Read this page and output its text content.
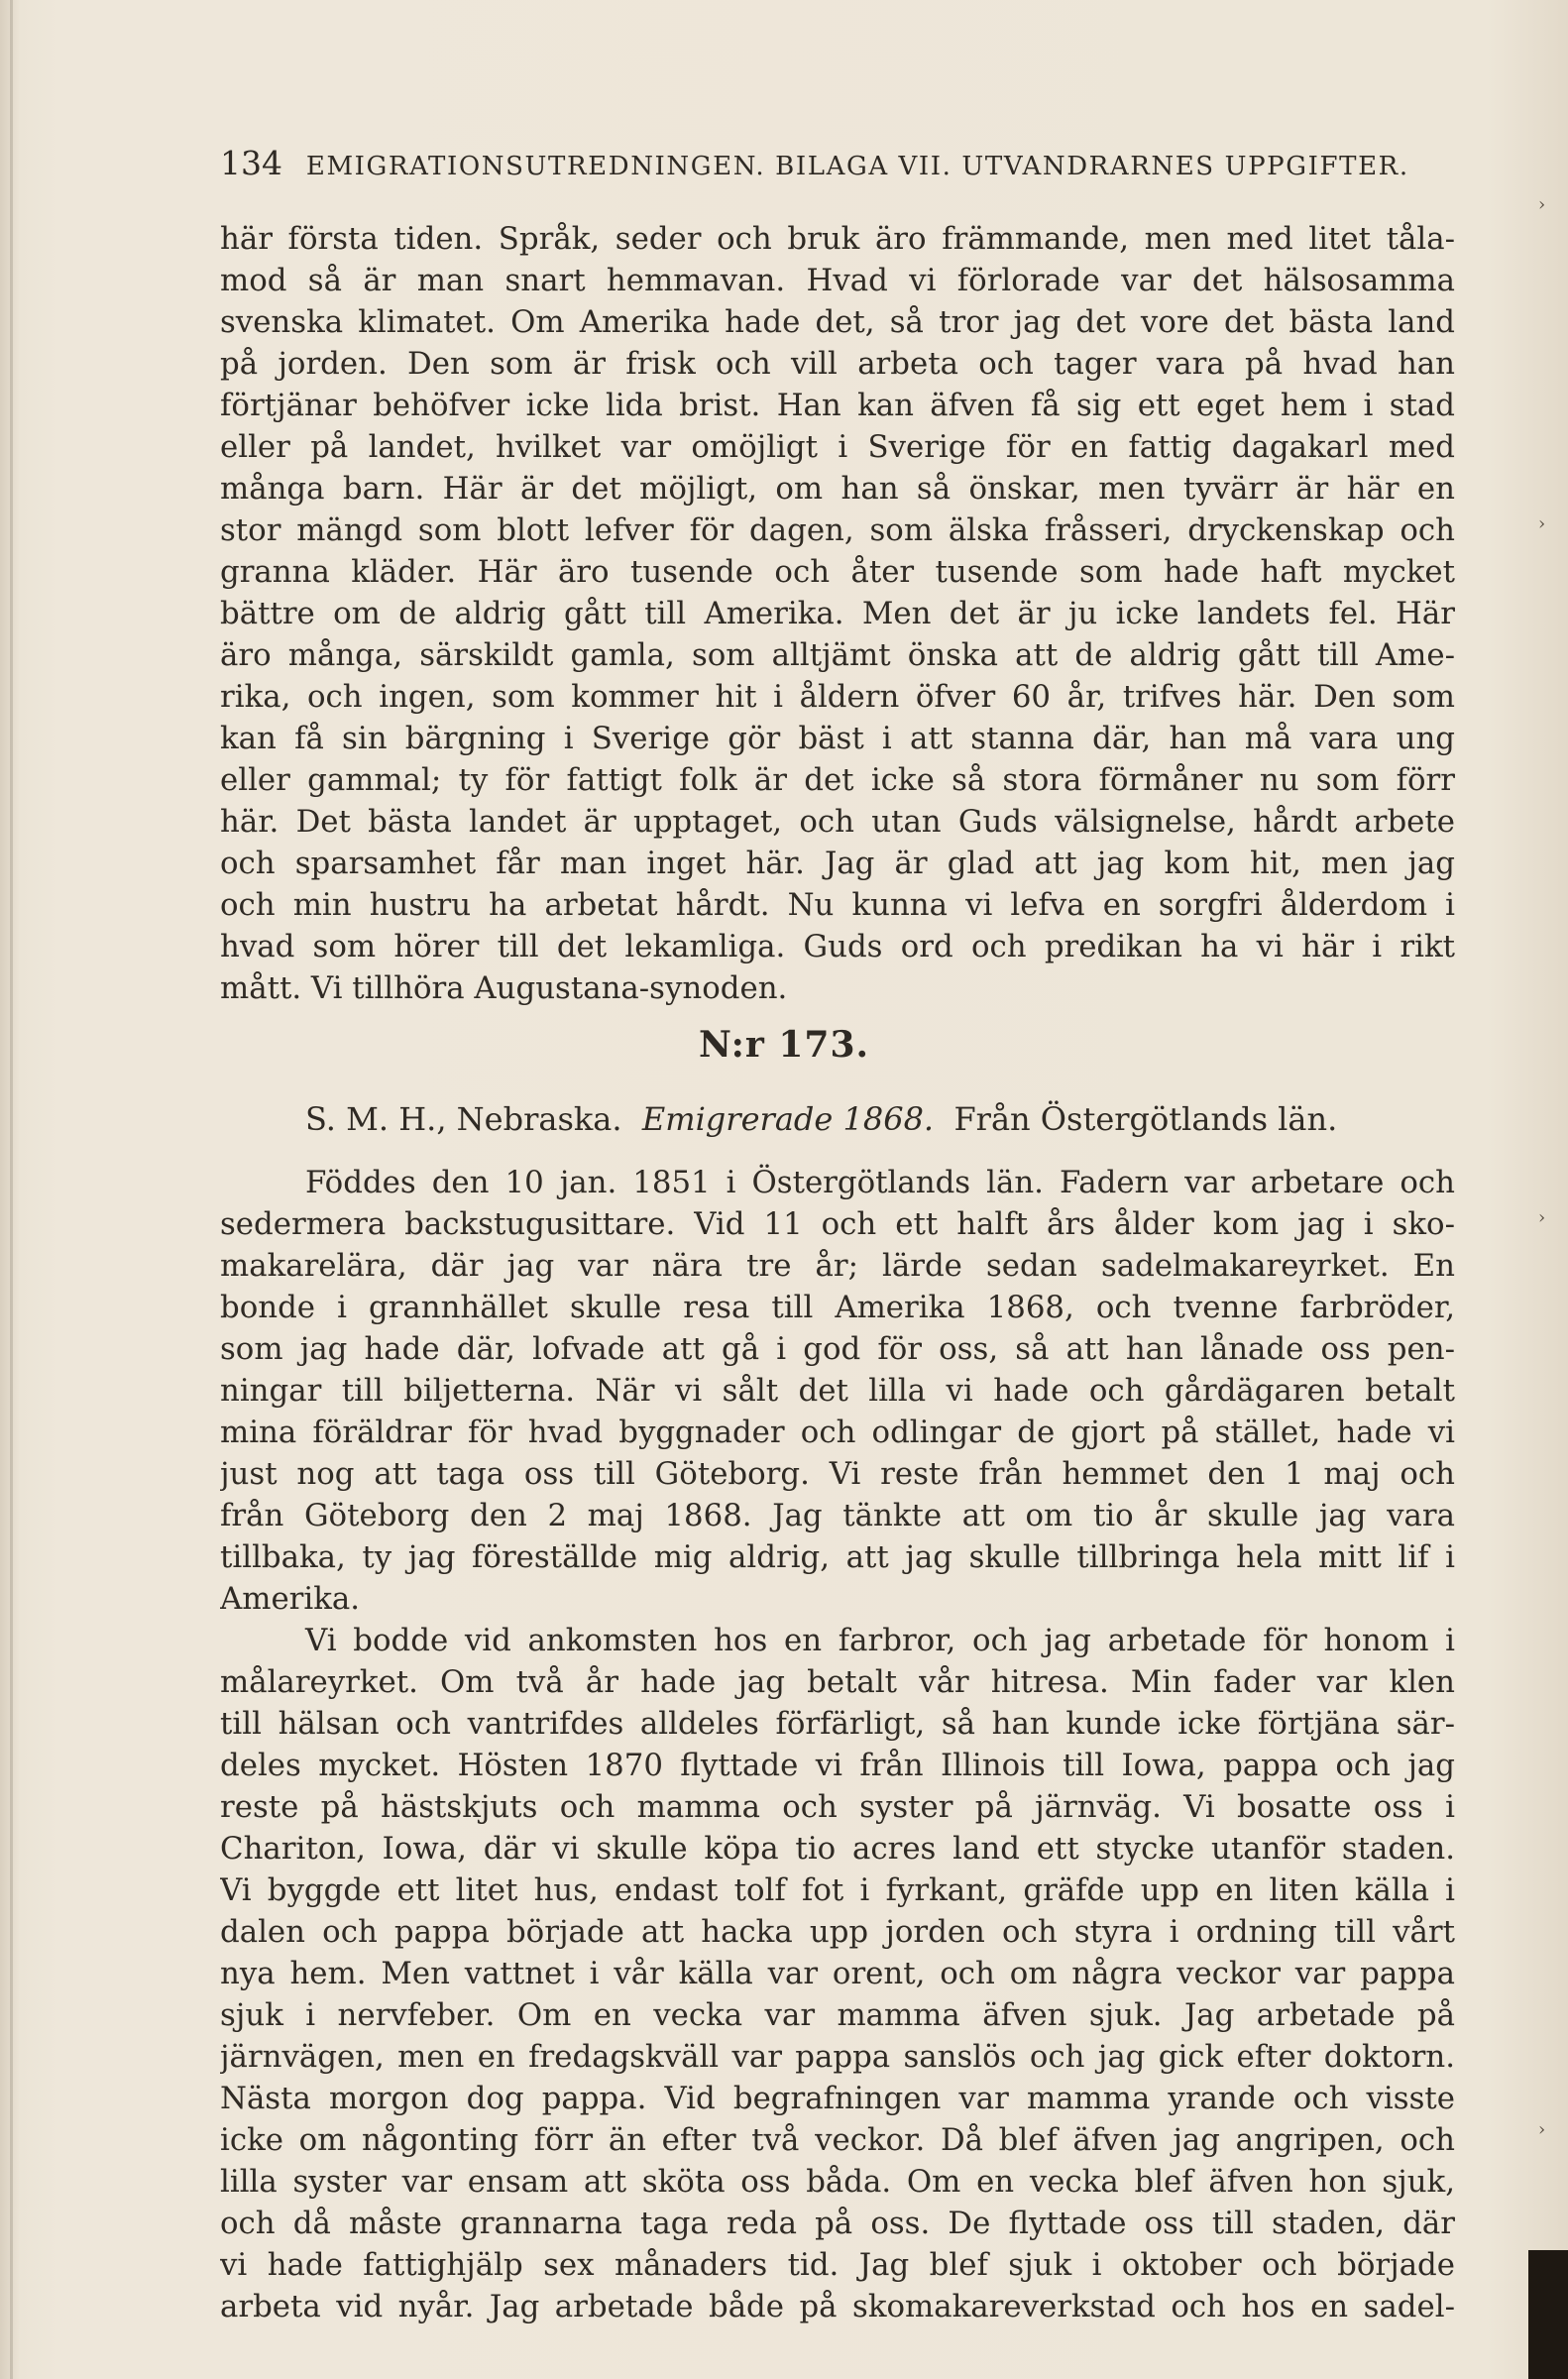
134 EMIGRATIONSUTREDNINGEN. BILAGA VII. UTVANDRARNES UPPGIFTER.
här första tiden. Språk, seder och bruk äro främmande, men med litet tåla-
mod så är man snart hemmavan. Hvad vi förlorade var det hälsosamma
svenska klimatet. Om Amerika hade det, så tror jag det vore det bästa land
på jorden. Den som är frisk och vill arbeta och tager vara på hvad han
förtjänar behöfver icke lida brist. Han kan äfven få sig ett eget hem i stad
eller på landet, hvilket var omöjligt i Sverige för en fattig dagakarl med
många barn. Här är det möjligt, om han så önskar, men tyvärr är här en
stor mängd som blott lefver för dagen, som älska fråsseri, dryckenskap och
granna kläder. Här äro tusende och åter tusende som hade haft mycket
bättre om de aldrig gått till Amerika. Men det är ju icke landets fel. Här
äro många, särskildt gamla, som alltjämt önska att de aldrig gått till Ame-
rika, och ingen, som kommer hit i åldern öfver 60 år, trifves här. Den som
kan få sin bärgning i Sverige gör bäst i att stanna där, han må vara ung
eller gammal; ty för fattigt folk är det icke så stora förmåner nu som förr
här. Det bästa landet är upptaget, och utan Guds välsignelse, hårdt arbete
och sparsamhet får man inget här. Jag är glad att jag kom hit, men jag
och min hustru ha arbetat hårdt. Nu kunna vi lefva en sorgfri ålderdom i
hvad som hörer till det lekamliga. Guds ord och predikan ha vi här i rikt
mått. Vi tillhöra Augustana-synoden.
N:r 173.
S. M. H., Nebraska. Emigrerade 1868. Från Östergötlands län.
Föddes den 10 jan. 1851 i Östergötlands län. Fadern var arbetare och
sedermera backstugusittare. Vid 11 och ett halft års ålder kom jag i sko-
makarelära, där jag var nära tre år; lärde sedan sadelmakareyrket. En
bonde i grannhället skulle resa till Amerika 1868, och tvenne farbröder,
som jag hade där, lofvade att gå i god för oss, så att han lånade oss pen-
ningar till biljetterna. När vi sålt det lilla vi hade och gårdägaren betalt
mina föräldrar för hvad byggnader och odlingar de gjort på stället, hade vi
just nog att taga oss till Göteborg. Vi reste från hemmet den 1 maj och
från Göteborg den 2 maj 1868. Jag tänkte att om tio år skulle jag vara
tillbaka, ty jag föreställde mig aldrig, att jag skulle tillbringa hela mitt lif i
Amerika.
Vi bodde vid ankomsten hos en farbror, och jag arbetade för honom i
målareyrket. Om två år hade jag betalt vår hitresa. Min fader var klen
till hälsan och vantrifdes alldeles förfärligt, så han kunde icke förtjäna sär-
deles mycket. Hösten 1870 flyttade vi från Illinois till Iowa, pappa och jag
reste på hästskjuts och mamma och syster på järnväg. Vi bosatte oss i
Chariton, Iowa, där vi skulle köpa tio acres land ett stycke utanför staden.
Vi byggde ett litet hus, endast tolf fot i fyrkant, gräfde upp en liten källa i
dalen och pappa började att hacka upp jorden och styra i ordning till vårt
nya hem. Men vattnet i vår källa var orent, och om några veckor var pappa
sjuk i nervfeber. Om en vecka var mamma äfven sjuk. Jag arbetade på
järnvägen, men en fredagskväll var pappa sanslös och jag gick efter doktorn.
Nästa morgon dog pappa. Vid begrafningen var mamma yrande och visste
icke om någonting förr än efter två veckor. Då blef äfven jag angripen, och
lilla syster var ensam att sköta oss båda. Om en vecka blef äfven hon sjuk,
och då måste grannarna taga reda på oss. De flyttade oss till staden, där
vi hade fattighjälp sex månaders tid. Jag blef sjuk i oktober och började
arbeta vid nyår. Jag arbetade både på skomakareverkstad och hos en sadel-
›
›
›
›
